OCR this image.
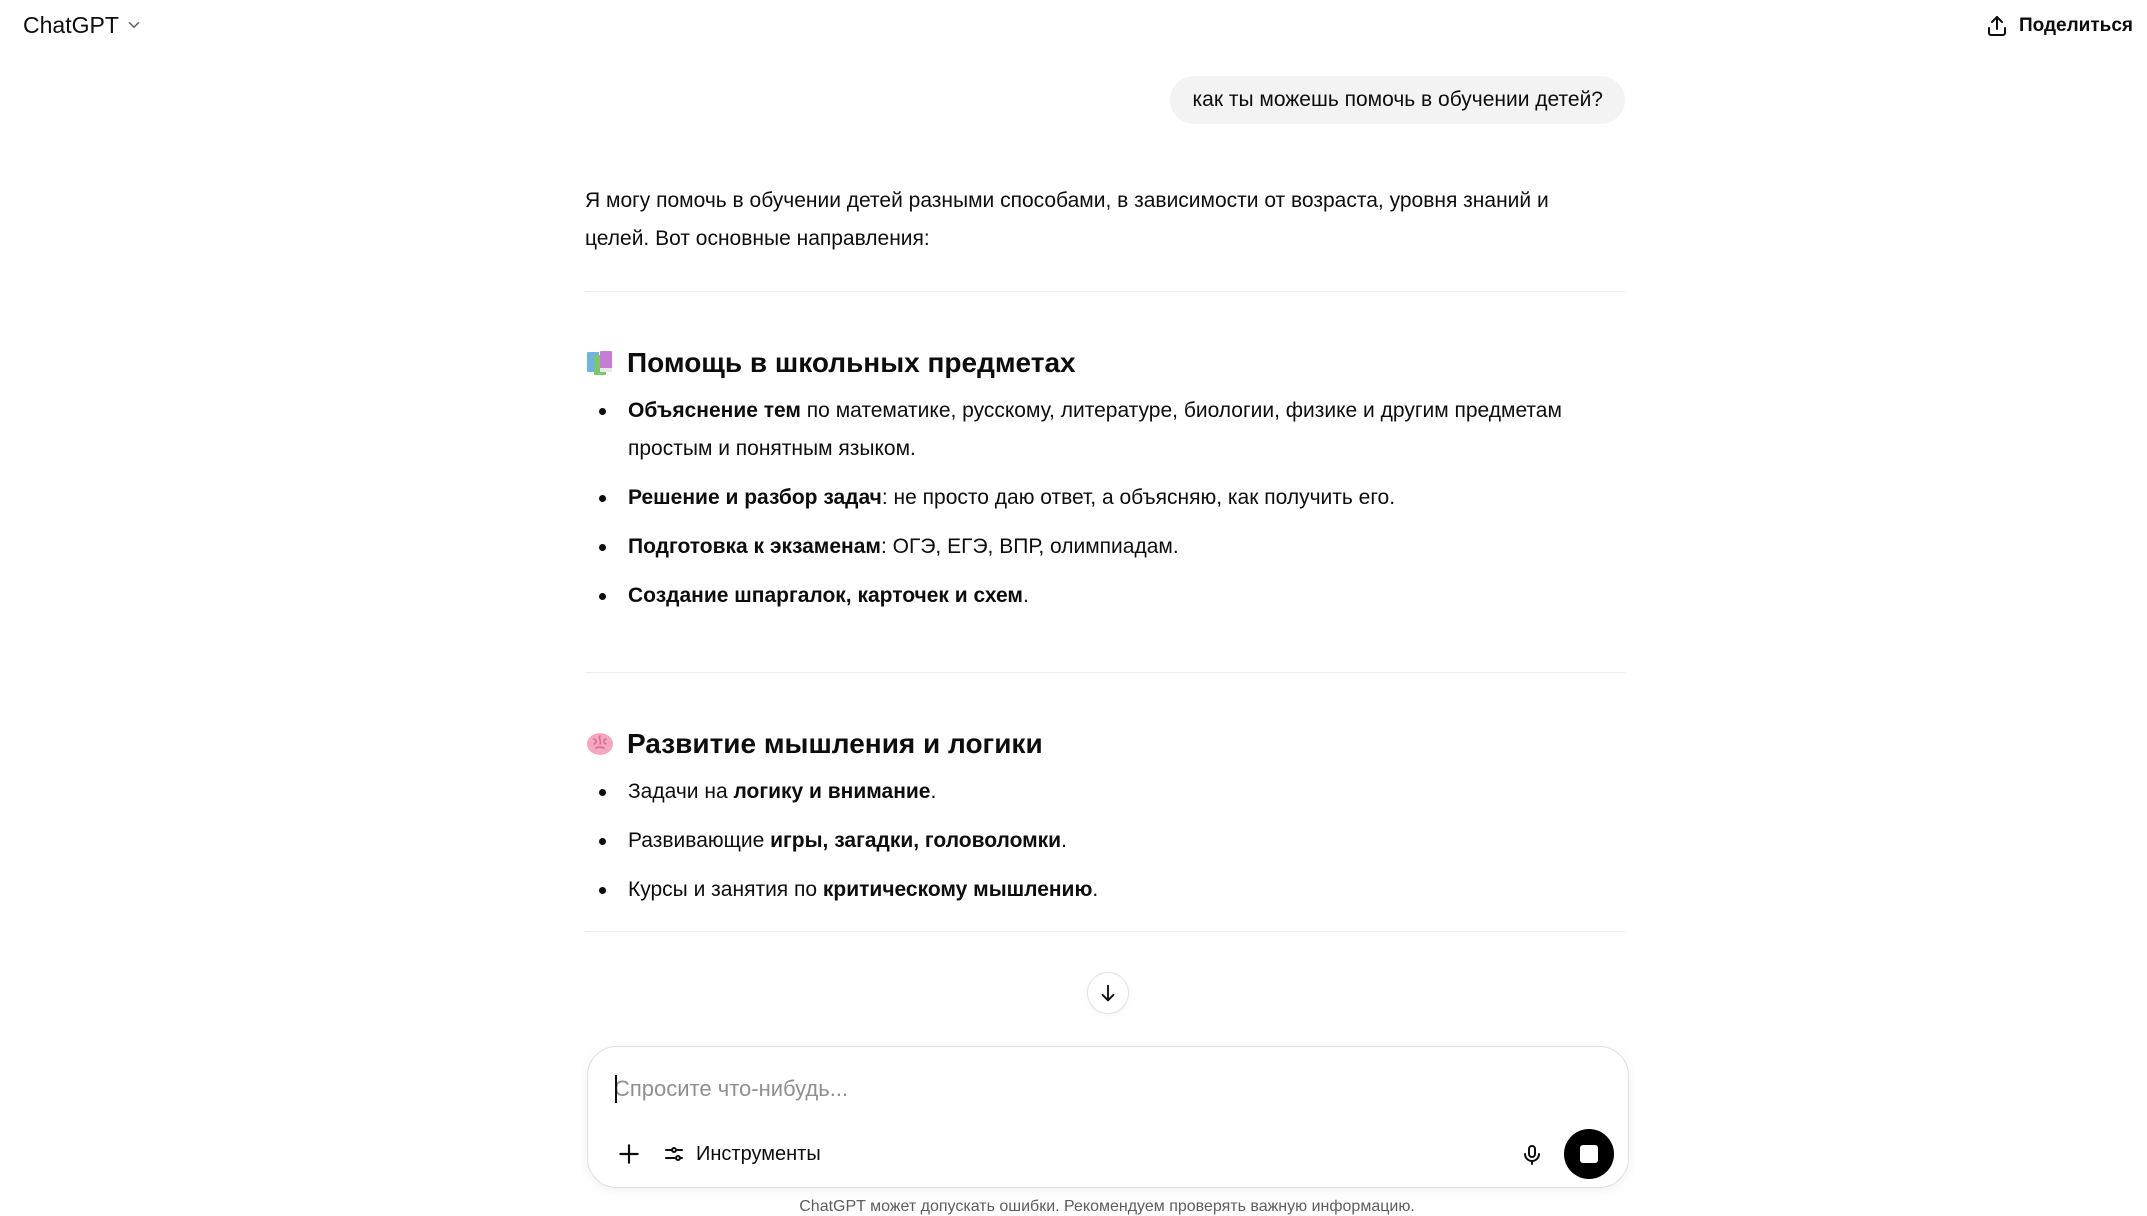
ChatGPT	Поделиться
как ты можешь помочь в обучении детей?

Я могу помочь в обучении детей разными способами, в зависимости от возраста, уровня знаний и целей. Вот основные направления:

Помощь в школьных предметах
Объяснение тем по математике, русскому, литературе, биологии, физике и другим предметам простым и понятным языком.
Решение и разбор задач: не просто даю ответ, а объясняю, как получить его.
Подготовка к экзаменам: ОГЭ, ЕГЭ, ВПР, олимпиадам.
Создание шпаргалок, карточек и схем.
Развитие мышления и логики
Задачи на логику и внимание.
Развивающие игры, загадки, головоломки.
Курсы и занятия по критическому мышлению.
Спросите что-нибудь...
Инструменты
ChatGPT может допускать ошибки. Рекомендуем проверять важную информацию.
